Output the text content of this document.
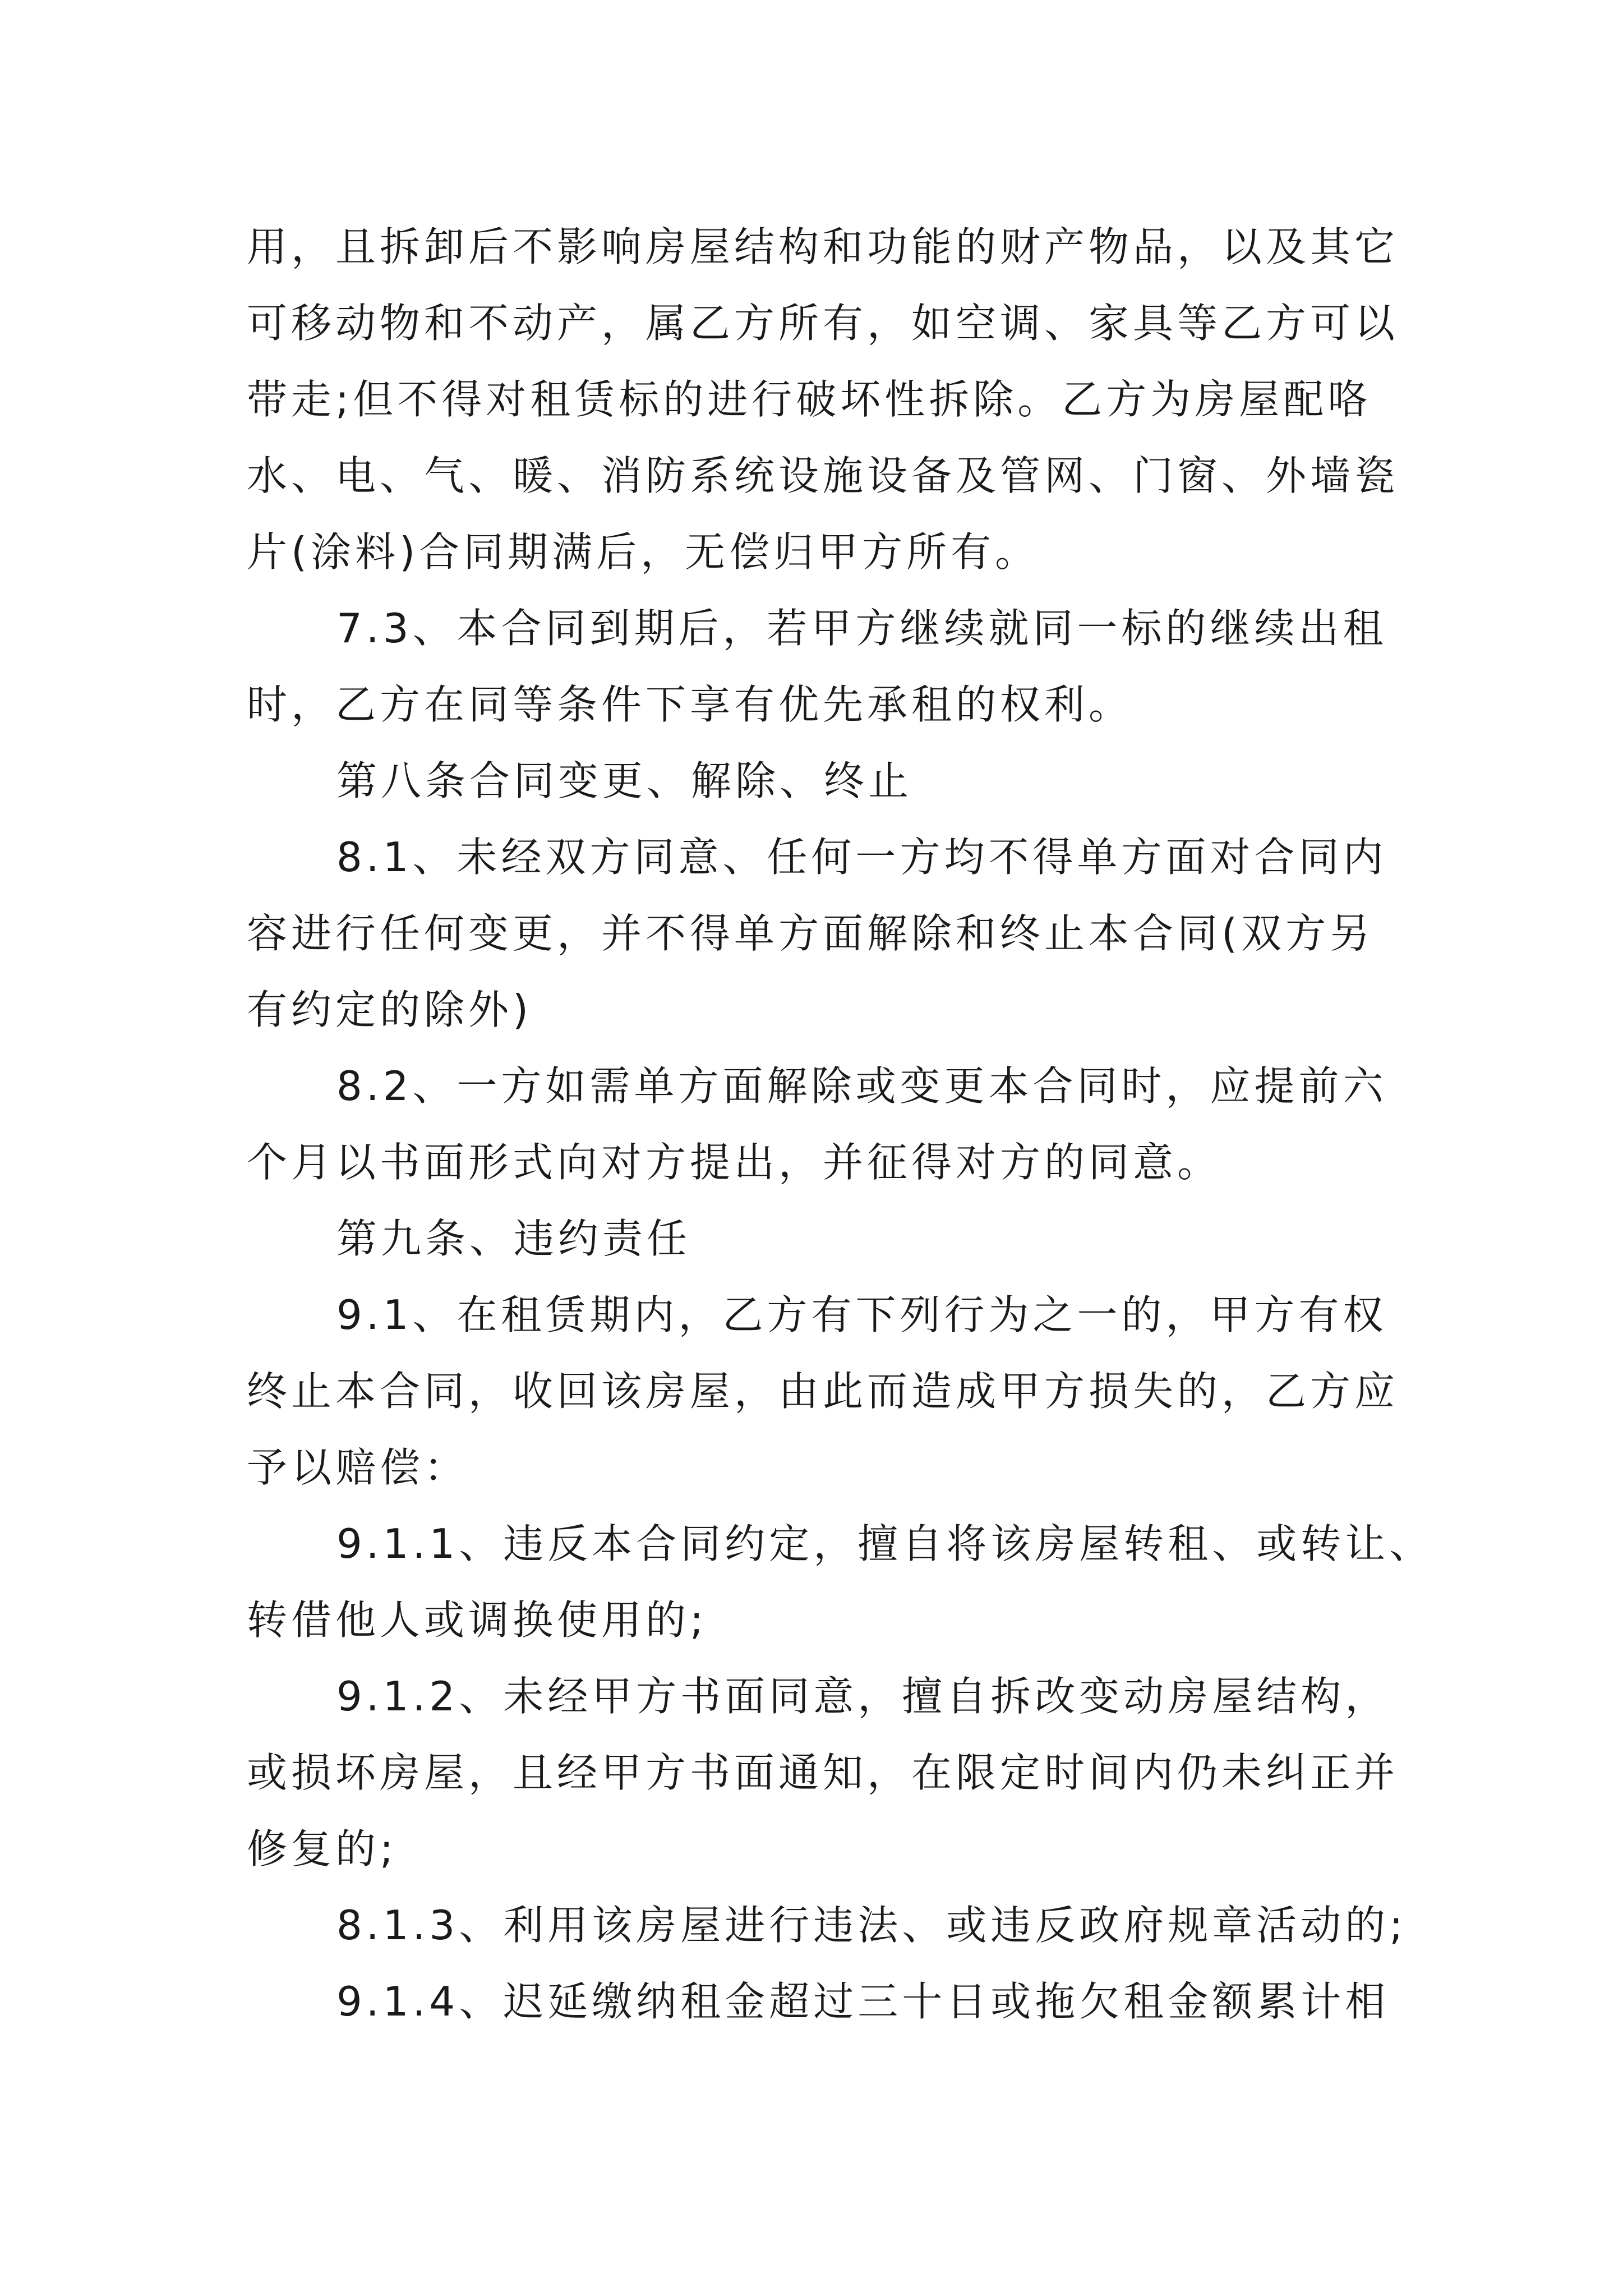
用，且拆卸后不影响房屋结构和功能的财产物品，以及其它
可移动物和不动产，属乙方所有，如空调、家具等乙方可以
带走;但不得对租赁标的进行破坏性拆除。乙方为房屋配咯
水、电、气、暖、消防系统设施设备及管网、门窗、外墙瓷
片(涂料)合同期满后，无偿归甲方所有。
7.3、本合同到期后，若甲方继续就同一标的继续出租
时，乙方在同等条件下享有优先承租的权利。
第八条合同变更、解除、终止
8.1、未经双方同意、任何一方均不得单方面对合同内
容进行任何变更，并不得单方面解除和终止本合同(双方另
有约定的除外)
8.2、一方如需单方面解除或变更本合同时，应提前六
个月以书面形式向对方提出，并征得对方的同意。
第九条、违约责任
9.1、在租赁期内，乙方有下列行为之一的，甲方有权
终止本合同，收回该房屋，由此而造成甲方损失的，乙方应
予以赔偿：
9.1.1、违反本合同约定，擅自将该房屋转租、或转让、
转借他人或调换使用的;
9.1.2、未经甲方书面同意，擅自拆改变动房屋结构，
或损坏房屋，且经甲方书面通知，在限定时间内仍未纠正并
修复的;
8.1.3、利用该房屋进行违法、或违反政府规章活动的;
9.1.4、迟延缴纳租金超过三十日或拖欠租金额累计相
